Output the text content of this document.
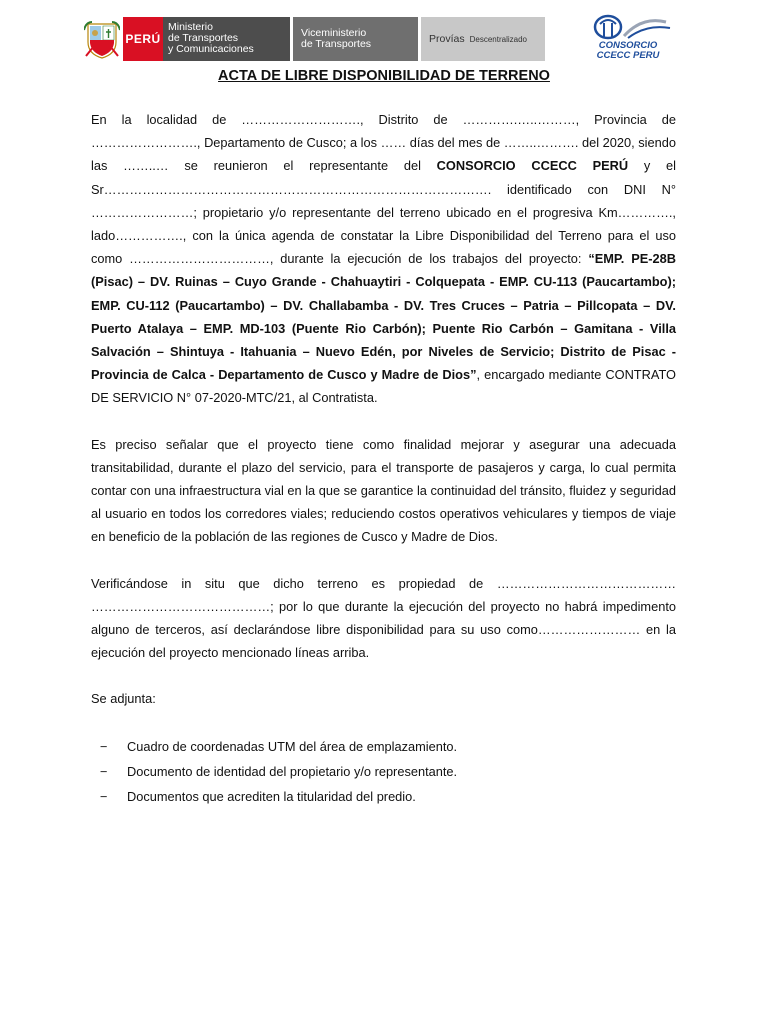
PERÚ
Ministerio
de Transportes
y Comunicaciones
Viceministerio
de Transportes	Provías Descentralizado
CONSORCIO
CCECC PERU
ACTA DE LIBRE DISPONIBILIDAD DE TERRENO

En la localidad de ………………………., Distrito de ………….…..………, Provincia de ……………………., Departamento de Cusco; a los …… días del mes de ……..………. del 2020, siendo las ……..… se reunieron el representante del CONSORCIO CCECC PERÚ y el Sr………………………………………………………………………………. identificado con DNI N° ……………………; propietario y/o representante del terreno ubicado en el progresiva Km…………., lado……………., con la única agenda de constatar la Libre Disponibilidad del Terreno para el uso como ……………………………, durante la ejecución de los trabajos del proyecto: “EMP. PE-28B (Pisac) – DV. Ruinas – Cuyo Grande - Chahuaytiri - Colquepata - EMP. CU-113 (Paucartambo); EMP. CU-112 (Paucartambo) – DV. Challabamba - DV. Tres Cruces – Patria – Pillcopata – DV. Puerto Atalaya – EMP. MD-103 (Puente Rio Carbón); Puente Rio Carbón – Gamitana - Villa Salvación – Shintuya - Itahuania – Nuevo Edén, por Niveles de Servicio; Distrito de Pisac - Provincia de Calca - Departamento de Cusco y Madre de Dios”, encargado mediante CONTRATO DE SERVICIO N° 07-2020-MTC/21, al Contratista.

Es preciso señalar que el proyecto tiene como finalidad mejorar y asegurar una adecuada transitabilidad, durante el plazo del servicio, para el transporte de pasajeros y carga, lo cual permita contar con una infraestructura vial en la que se garantice la continuidad del tránsito, fluidez y seguridad al usuario en todos los corredores viales; reduciendo costos operativos vehiculares y tiempos de viaje en beneficio de la población de las regiones de Cusco y Madre de Dios.

Verificándose in situ que dicho terreno es propiedad de …………………………………… ……………………………………; por lo que durante la ejecución del proyecto no habrá impedimento alguno de terceros, así declarándose libre disponibilidad para su uso como…………………… en la ejecución del proyecto mencionado líneas arriba.

Se adjunta:

− Cuadro de coordenadas UTM del área de emplazamiento.
− Documento de identidad del propietario y/o representante.
− Documentos que acrediten la titularidad del predio.
